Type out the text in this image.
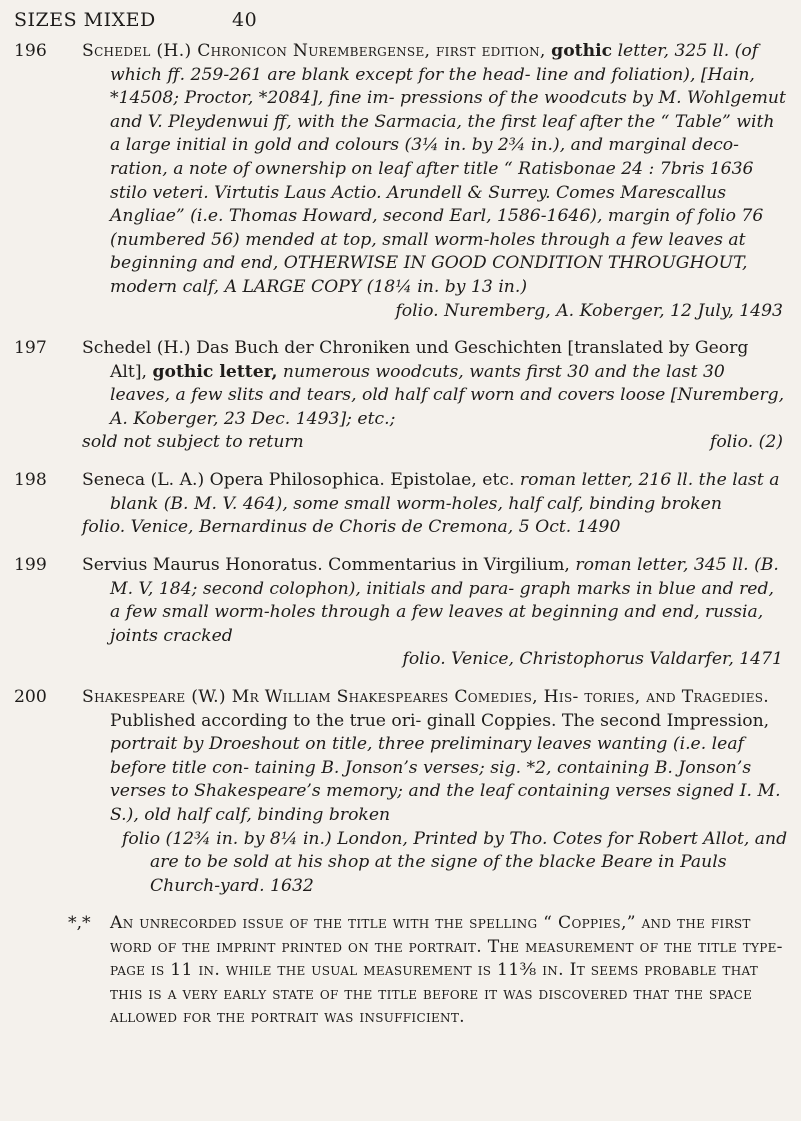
SIZES MIXED	40
196	Schedel (H.) Chronicon Nurembergense, first edition, gothic letter, 325 ll. (of which ff. 259-261 are blank except for the head- line and foliation), [Hain, *14508; Proctor, *2084], fine im- pressions of the woodcuts by M. Wohlgemut and V. Pleydenwui ff, with the Sarmacia, the first leaf after the “ Table” with a large initial in gold and colours (3¼ in. by 2¾ in.), and marginal deco- ration, a note of ownership on leaf after title “ Ratisbonae 24 : 7bris 1636 stilo veteri. Virtutis Laus Actio. Arundell & Surrey. Comes Marescallus Angliae” (i.e. Thomas Howard, second Earl, 1586-1646), margin of folio 76 (numbered 56) mended at top, small worm-holes through a few leaves at beginning and end, OTHERWISE IN GOOD CONDITION THROUGHOUT, modern calf, A LARGE COPY (18¼ in. by 13 in.)
folio. Nuremberg, A. Koberger, 12 July, 1493
197	Schedel (H.) Das Buch der Chroniken und Geschichten [translated by Georg Alt], gothic letter, numerous woodcuts, wants first 30 and the last 30 leaves, a few slits and tears, old half calf worn and covers loose [Nuremberg, A. Koberger, 23 Dec. 1493]; etc.;
sold not subject to return	folio. (2)
198	Seneca (L. A.) Opera Philosophica. Epistolae, etc. roman letter, 216 ll. the last a blank (B. M. V. 464), some small worm-holes, half calf, binding broken
folio. Venice, Bernardinus de Choris de Cremona, 5 Oct. 1490
199	Servius Maurus Honoratus. Commentarius in Virgilium, roman letter, 345 ll. (B. M. V, 184; second colophon), initials and para- graph marks in blue and red, a few small worm-holes through a few leaves at beginning and end, russia, joints cracked
folio. Venice, Christophorus Valdarfer, 1471
200	Shakespeare (W.) Mr William Shakespeares Comedies, His- tories, and Tragedies. Published according to the true ori- ginall Coppies. The second Impression, portrait by Droeshout on title, three preliminary leaves wanting (i.e. leaf before title con- taining B. Jonson’s verses; sig. *2, containing B. Jonson’s verses to Shakespeare’s memory; and the leaf containing verses signed I. M. S.), old half calf, binding broken
folio (12¾ in. by 8¼ in.) London, Printed by Tho. Cotes for Robert Allot, and are to be sold at his shop at the signe of the blacke Beare in Pauls Church-yard. 1632
*,* An unrecorded issue of the title with the spelling “ Coppies,” and the first word of the imprint printed on the portrait. The measurement of the title type-page is 11 in. while the usual measurement is 11⅜ in. It seems probable that this is a very early state of the title before it was discovered that the space allowed for the portrait was insufficient.
